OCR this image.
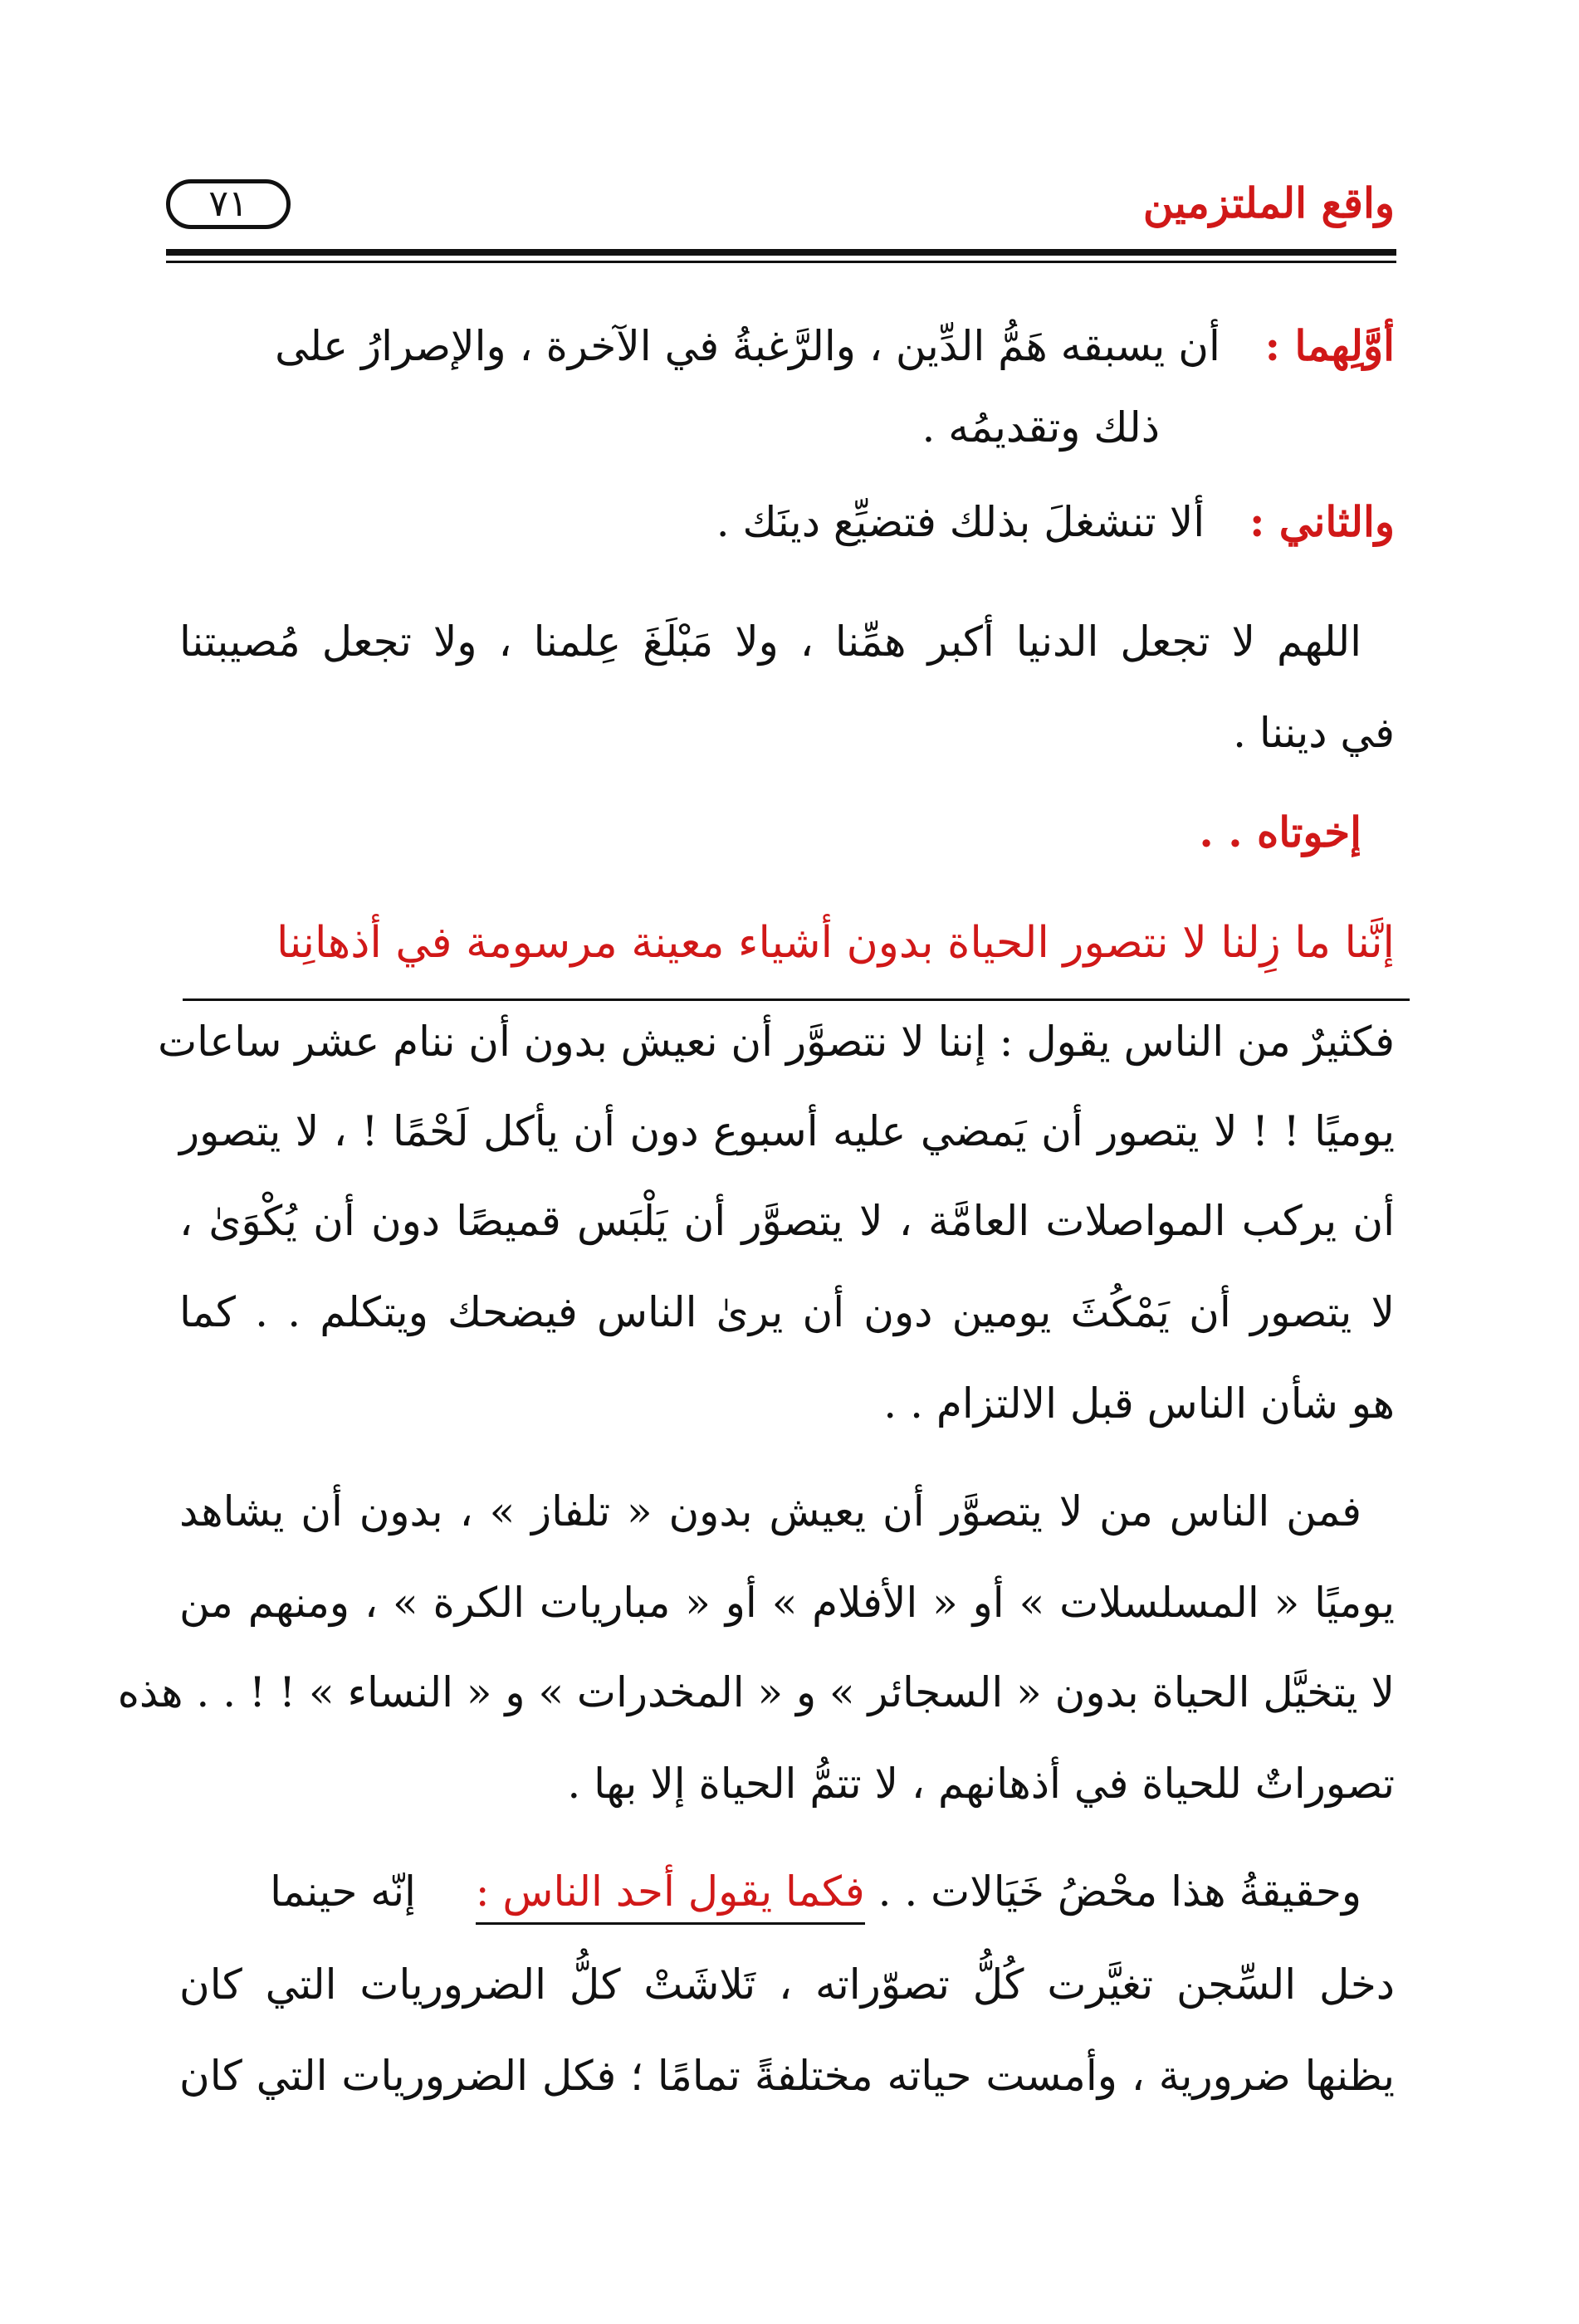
واقع الملتزمين
٧١
أوَّلِهما :  أن يسبقه هَمُّ الدِّين ، والرَّغبةُ في الآخرة ، والإصرارُ على
ذلك وتقديمُه .
والثاني :  ألا تنشغلَ بذلك فتضيِّع دينَك .
اللهم لا تجعل الدنيا أكبر همِّنا ، ولا مَبْلَغَ عِلمنا ، ولا تجعل مُصيبتنا
في ديننا .
إخوتاه . .
إنَّنا ما زِلنا لا نتصور الحياة بدون أشياء معينة مرسومة في أذهانِنا
فكثيرٌ من الناس يقول : إننا لا نتصوَّر أن نعيش بدون أن ننام عشر ساعات
يوميًا ! ! لا يتصور أن يَمضي عليه أسبوع دون أن يأكل لَحْمًا ! ، لا يتصور
أن يركب المواصلات العامَّة ، لا يتصوَّر أن يَلْبَس قميصًا دون أن يُكْوَىٰ ،
لا يتصور أن يَمْكُثَ يومين دون أن يرىٰ الناس فيضحك ويتكلم . . كما
هو شأن الناس قبل الالتزام . .
فمن الناس من لا يتصوَّر أن يعيش بدون « تلفاز » ، بدون أن يشاهد
يوميًا « المسلسلات » أو « الأفلام » أو « مباريات الكرة » ، ومنهم من
لا يتخيَّل الحياة بدون « السجائر » و « المخدرات » و « النساء » ! ! . . هذه
تصوراتٌ للحياة في أذهانهم ، لا تتمُّ الحياة إلا بها .
وحقيقةُ هذا محْضُ خَيَالات . . فكما يقول أحد الناس :  إنّه حينما
دخل السِّجن تغيَّرت كُلُّ تصوّراته ، تَلاشَتْ كلُّ الضروريات التي كان
يظنها ضرورية ، وأمست حياته مختلفةً تمامًا ؛ فكل الضروريات التي كان
